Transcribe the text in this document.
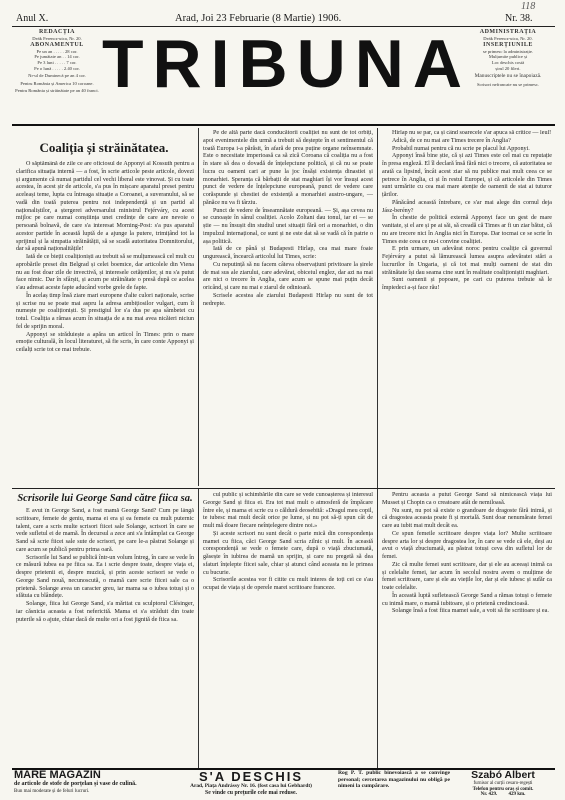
118
Anul X.	Arad, Joi 23 Februarie (8 Martie) 1906.	Nr. 38.
REDACȚIA
Deák Ferencz-utca, Nr. 20.
ABONAMENTUL
Pe un an . . . . . 28 cor.
Pe jumătate an . . 14 cor.
Pe 3 luni . . . . . 7 cor.
Pe o lună . . . . . 2.40 cor.
Nr-ul de Duminecă pe an 4 cor.
Pentru România și America 10 coroane.
Pentru România și străinătate pe an 40 franci.
ADMINISTRAȚIA
Deák Ferencz-utca, Nr. 20.
INSERȚIUNILE
se primesc la administrație.
Mulțumite publice și
Loc deschis costă
șirul 20 fileri.
Manuscriptele nu se înapoiază.
Scrisori nefrancate nu se primesc.
TRIBUNA
Coaliția și străinătatea.

O săptămână de zile ce are oficiosul de Apponyi al Kossuth pentru a clarifica situația internă — a fost, în scrie articole peste articole, dovezi și argumente că numai partidul cel vechi liberal este vinovat. Și cu toate acestea, în acest șir de articole, s'a pus în mișcare aparatul presei pentru aceleași teme, lupta cu întreaga situație a Coroanei, a suveranului, să se vadă din toată puterea pentru noi independență și un partid al naționaliștilor, a ștergerei adversarului ministrul Fejérváry, cu acest mijloc pe care numai conștiința unei credințe de care are nevoie o persoană bolnavă, de care s'a interesat Morning-Post: s'a pus aparatul acestor partide în această luptă de a ajunge la putere, trimițând tot la sprijinul și la simpatia străinătății, să se scadă autoritatea Domnitorului, dar să apună naționalitățile!

Iată de ce bieții coaliționiști au trebuit să se mulțumească cel mult cu aprobările presei din Belgrad și celei boemice, dar articolele din Viena nu au fost doar zile de invectivă, și interesele cetățenilor, și nu s'a putut face nimic. Dar în sfârșit, și acum pe străinătate o presă după ce acelea s'au adresat aceste fapte aducând vorbe grele de fapte.

În acelaș timp însă ziare mari europene d'alte culori naționale, scrise și scrise nu se poate mai aspru la adresa ambițiosilor vulgari, cum îi numește pe coaliționiști. Și prestigiul lor s'a dus pe apa sâmbetei cu totul. Coaliția a rămas acum în situația de a nu mai avea nicăieri niciun fel de sprijin moral.

Apponyi se străduiește a apăra un articol în Times: prin o mare emoție culturală, în locul literaturei, să fie scris, în care conte Apponyi și ceilalți scrie tot ce mai trebuie.

Pe de altă parte dacă conducătorii coaliției nu sunt de tot orbiți, apoi evenimentele din urmă a trebuit să deștepte în ei sentimentul că toată Europa i-a părăsit, în afară de prea puține organe neînsemnate. Este o necesitate imperioasă ca să zică Coroana că coaliția nu a fost în stare să dea o dovadă de înțelepciune politică, și că nu se poate lucra cu oameni cari ar pune la joc însăși existența dinastiei și monarhiei. Speranța că bărbații de stat maghiari își vor însuși acest punct de vedere de înțelepciune europeană, punct de vedere care corăspunde și chestiei de existență a monarhiei austro-ungare, — pănăce nu va fi târziu.

Punct de vedere de înseamnătate europeană. — Și, așa cevea nu se cunoaște în sânul coaliției. Acolo Zoltani dau tonul, iar ei — se știe — nu însușit din studiul unei situații fără ori a monarhiei, o din impulzul internațional, ce sunt și ne este dat să se vadă că în patrie o așa politică.

Iată de ce până și Budapesti Hirlap, cea mai mare foaie ungurească, încearcă articolul lui Times, scrie:

Cu neputință să nu facem câteva observațiuni privitoare la șirele de mai sus ale ziarului, care adevărat, obiceiul englez, dar azi na mai are nici o trecere în Anglia, care acum se spune mai puțin decât oricând, și care nu mai e ziarul de odinioară.

Scrisele acestea ale ziarului Budapesti Hirlap nu sunt de tot nedrepte.

Hirlap nu se par, ca și când soarecele s'ar apuca să critice — leul!

Adică, de ce nu mai are Times trecere în Anglia?

Probabil numai pentru că nu scrie pe placul lui Apponyi.

Apponyi însă bine știe, că și azi Times este cel mai cu reputație în presa engleză. El îl declară însă fără nici o trecere, că autoritatea se arată ca lipsind, încât acest ziar să nu publice mai mult ceea ce se petrece în Anglia, ci și în restul Europei, și că articolele din Times sunt urmărite cu cea mai mare atenție de oamenii de stat ai tuturor țărilor.

Pănăcând această întrebare, ce s'ar mai alege din cornul deja Jász-berény?

În chestie de politică externă Apponyi face un gest de mare vanitate, și el are și pe ai săi, să creadă că Times ar fi un ziar bătut, că nu are trecere nici în Anglia nici în Europa. Dar tocmai ce se scrie în Times este ceea ce nu-i convine coaliției.

E prin urmare, un adevărat noroc pentru coaliție că guvernul Fejérváry a putut să lămurească lumea asupra adevăratei stări a lucrurilor în Ungaria, și că tot mai mulți oameni de stat din străinătate își dau seama cine sunt în realitate coaliționiștii maghiari.

Sunt oamenii și popoare, pe cari cu puterea trebuie să le împiedeci a-și face rău!

Scrisorile lui George Sand către fiica sa.

E avut în George Sand, a fost mamă George Sand? Cum pe lângă scriitoare, femeie de geniu, mama ei era și ea femeie cu mult puternic talent, care a scris multe scrisori fiicei sale Solange, scrisori în care se vede sufletul ei de mamă. În decursul a zece ani s'a întâmplat ca George Sand să scrie fiicei sale sute de scrisori, pe care le-a păstrat Solange și care acum se publică pentru prima oară.

Scrisorile lui Sand se publică într-un volum întreg, în care se vede în ce măsură iubea ea pe fiica sa. Ea i scrie despre toate, despre viața ei, despre prietenii ei, despre muzică, și prin aceste scrisori se vede o George Sand nouă, necunoscută, o mamă care scrie fiicei sale ca o prietenă. Solange avea un caracter greu, iar mama sa o iubea totuși și o sfătuia cu blândețe.

Solange, fiica lui George Sand, s'a măritat cu sculptorul Clésinger, iar căsnicia aceasta a fost nefericită. Mama ei s'a străduit din toate puterile să o ajute, chiar dacă de multe ori a fost jignită de fiica sa.

cul public și schimbările din care se vede cunoașterea și interesul George Sand și fiica ei. Era tot mai mult o atmosferă de împăcare între ele, și mama ei scrie cu o căldură deosebită: «Dragul meu copil, te iubesc mai mult decât orice pe lume, și nu pot să-ți spun cât de mult mă doare fiecare neînțelegere dintre noi.»

Și aceste scrisori nu sunt decât o parte mică din corespondența mamei cu fiica, căci George Sand scria zilnic și mult. În această corespondență se vede o femeie care, după o viață zbuciumată, găsește în iubirea de mamă un sprijin, și care nu pregetă să dea sfaturi înțelepte fiicei sale, chiar și atunci când aceasta nu le primea cu bucurie.

Scrisorile acestea vor fi citite cu mult interes de toți cei ce s'au ocupat de viața și de operele marei scriitoare franceze.

Pentru aceasta a putut George Sand să nimicească viața lui Musset și Chopin ca o creatoare atât de nemiloasă.

Nu sunt, nu pot să existe o grandoare de dragoste fără inimă, și că dragostea aceasta poate fi și mortală. Sunt doar nenumărate femei care au iubit mai mult decât ea.

Ce spun femeile scriitoare despre viața lor? Multe scriitoare despre arta lor și despre dragostea lor, în care se vede că ele, deși au avut o viață zbuciumată, au păstrat totuși ceva din sufletul lor de femei.

Zic că multe femei sunt scriitoare, dar și ele au aceeași inimă ca și celelalte femei, iar acum în secolul nostru avem o mulțime de femei scriitoare, care și ele au viețile lor, dar și ele iubesc și sufăr ca toate celelalte.

În această luptă sufletească George Sand a rămas totuși o femeie cu inimă mare, o mamă iubitoare, și o prietenă credincioasă.

Solange însă a fost fiica mamei sale, a voit să fie scriitoare și ea.

MARE MAGAZIN
de articole de stofe de porțelan și vase de culină.
Bun mai moderate și de feluri lucruri.
S'A DESCHIS
Arad, Piața Andrássy Nr. 16. (fost casa lui Gebhardt)
Se vinde cu prețurile cele mai reduse.
Rog P. T. public binevoiască a se convinge personal; cercetarea magazinului nu obligă pe nimeni la cumpărare.
Szabó Albert
furnisor al curții cesaro-regești
Telefon pentru oraș și comit.
Nr. 429. 429 km.
